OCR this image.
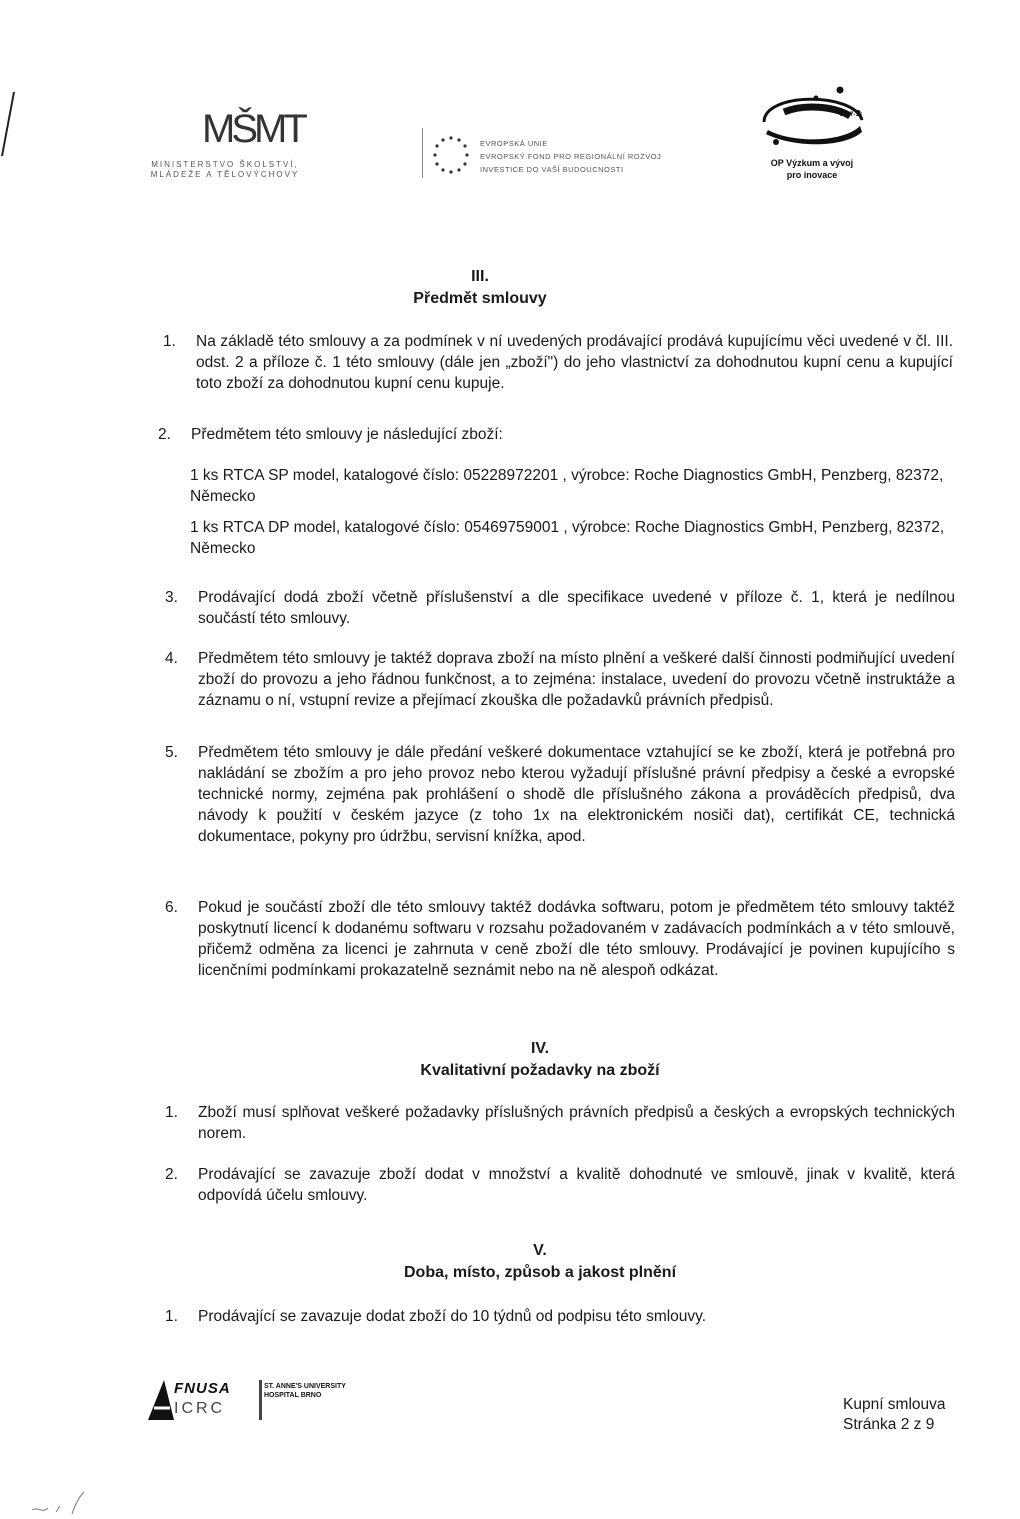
MŠMT
MINISTERSTVO ŠKOLSTVÍ,
MLÁDEŽE A TĚLOVÝCHOVY
EVROPSKÁ UNIE
EVROPSKÝ FOND PRO REGIONÁLNÍ ROZVOJ
INVESTICE DO VAŠÍ BUDOUCNOSTI
2007-13
OP Výzkum a vývoj
pro inovace
III.
Předmět smlouvy
1. Na základě této smlouvy a za podmínek v ní uvedených prodávající prodává kupujícímu věci uvedené v čl. III. odst. 2 a příloze č. 1 této smlouvy (dále jen „zboží") do jeho vlastnictví za dohodnutou kupní cenu a kupující toto zboží za dohodnutou kupní cenu kupuje.
2. Předmětem této smlouvy je následující zboží:
1 ks RTCA SP model, katalogové číslo: 05228972201 , výrobce: Roche Diagnostics GmbH, Penzberg, 82372, Německo
1 ks RTCA DP model, katalogové číslo: 05469759001 , výrobce: Roche Diagnostics GmbH, Penzberg, 82372, Německo
3. Prodávající dodá zboží včetně příslušenství a dle specifikace uvedené v příloze č. 1, která je nedílnou součástí této smlouvy.
4. Předmětem této smlouvy je taktéž doprava zboží na místo plnění a veškeré další činnosti podmiňující uvedení zboží do provozu a jeho řádnou funkčnost, a to zejména: instalace, uvedení do provozu včetně instruktáže a záznamu o ní, vstupní revize a přejímací zkouška dle požadavků právních předpisů.
5. Předmětem této smlouvy je dále předání veškeré dokumentace vztahující se ke zboží, která je potřebná pro nakládání se zbožím a pro jeho provoz nebo kterou vyžadují příslušné právní předpisy a české a evropské technické normy, zejména pak prohlášení o shodě dle příslušného zákona a prováděcích předpisů, dva návody k použití v českém jazyce (z toho 1x na elektronickém nosiči dat), certifikát CE, technická dokumentace, pokyny pro údržbu, servisní knížka, apod.
6. Pokud je součástí zboží dle této smlouvy taktéž dodávka softwaru, potom je předmětem této smlouvy taktéž poskytnutí licencí k dodanému softwaru v rozsahu požadovaném v zadávacích podmínkách a v této smlouvě, přičemž odměna za licenci je zahrnuta v ceně zboží dle této smlouvy. Prodávající je povinen kupujícího s licenčními podmínkami prokazatelně seznámit nebo na ně alespoň odkázat.
IV.
Kvalitativní požadavky na zboží
1. Zboží musí splňovat veškeré požadavky příslušných právních předpisů a českých a evropských technických norem.
2. Prodávající se zavazuje zboží dodat v množství a kvalitě dohodnuté ve smlouvě, jinak v kvalitě, která odpovídá účelu smlouvy.
V.
Doba, místo, způsob a jakost plnění
1. Prodávající se zavazuje dodat zboží do 10 týdnů od podpisu této smlouvy.
FNUSA
ICRC
ST. ANNE'S UNIVERSITY
HOSPITAL BRNO
Kupní smlouva
Stránka 2 z 9
